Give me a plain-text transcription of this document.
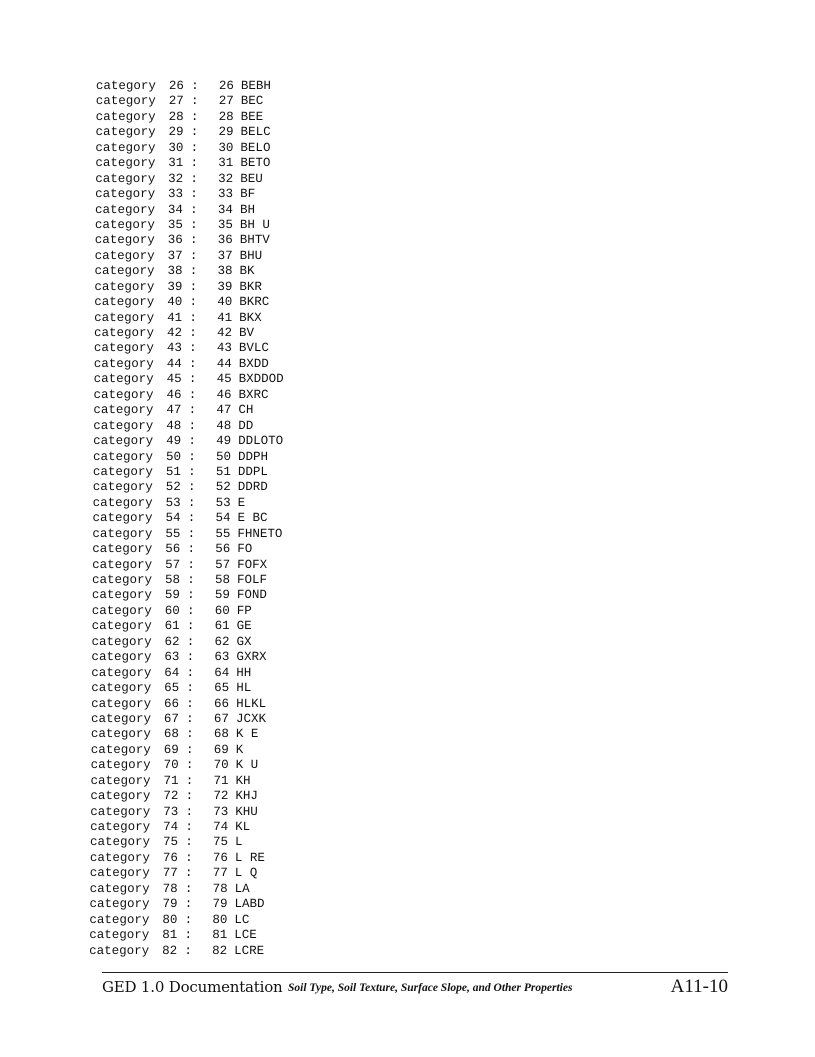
category 26 : 26 BEBH
category 27 : 27 BEC
category 28 : 28 BEE
category 29 : 29 BELC
category 30 : 30 BELO
category 31 : 31 BETO
category 32 : 32 BEU
category 33 : 33 BF
category 34 : 34 BH
category 35 : 35 BH U
category 36 : 36 BHTV
category 37 : 37 BHU
category 38 : 38 BK
category 39 : 39 BKR
category 40 : 40 BKRC
category 41 : 41 BKX
category 42 : 42 BV
category 43 : 43 BVLC
category 44 : 44 BXDD
category 45 : 45 BXDDOD
category 46 : 46 BXRC
category 47 : 47 CH
category 48 : 48 DD
category 49 : 49 DDLOTO
category 50 : 50 DDPH
category 51 : 51 DDPL
category 52 : 52 DDRD
category 53 : 53 E
category 54 : 54 E BC
category 55 : 55 FHNETO
category 56 : 56 FO
category 57 : 57 FOFX
category 58 : 58 FOLF
category 59 : 59 FOND
category 60 : 60 FP
category 61 : 61 GE
category 62 : 62 GX
category 63 : 63 GXRX
category 64 : 64 HH
category 65 : 65 HL
category 66 : 66 HLKL
category 67 : 67 JCXK
category 68 : 68 K E
category 69 : 69 K
category 70 : 70 K U
category 71 : 71 KH
category 72 : 72 KHJ
category 73 : 73 KHU
category 74 : 74 KL
category 75 : 75 L
category 76 : 76 L RE
category 77 : 77 L Q
category 78 : 78 LA
category 79 : 79 LABD
category 80 : 80 LC
category 81 : 81 LCE
category 82 : 82 LCRE
GED 1.0 Documentation Soil Type, Soil Texture, Surface Slope, and Other Properties	A11-10
